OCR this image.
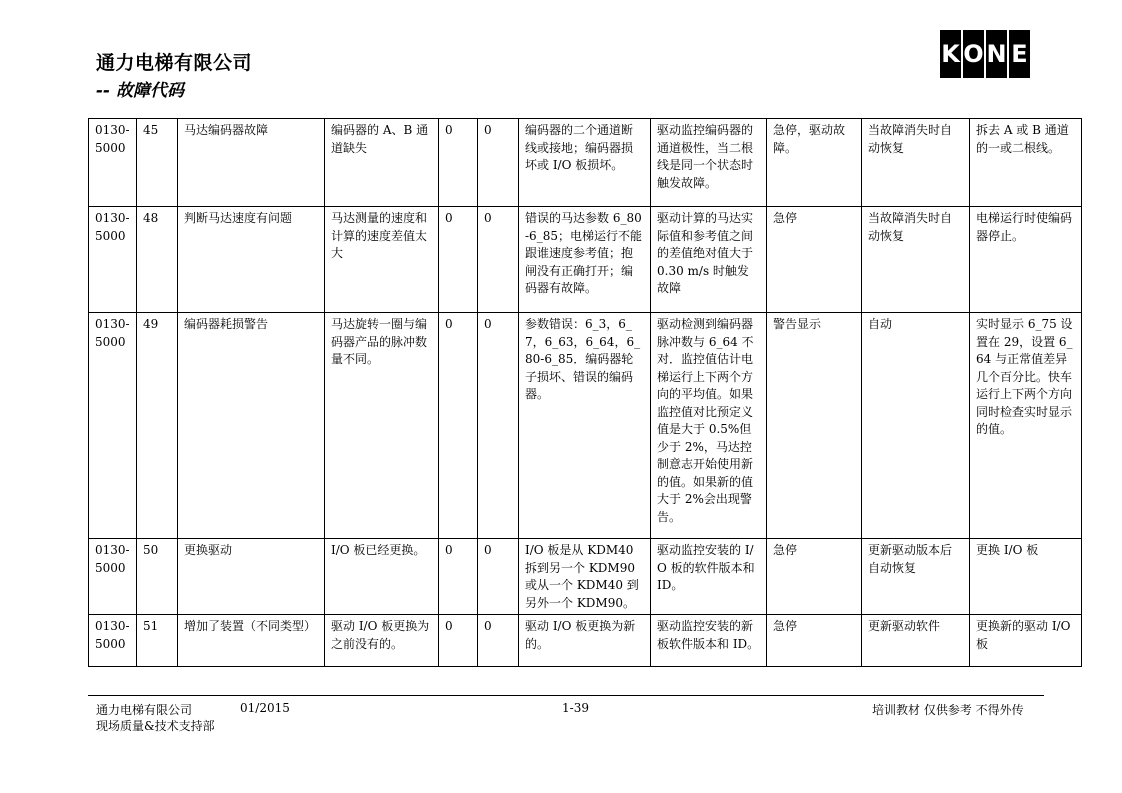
通力电梯有限公司
-- 故障代码
K O N E
0130-5000	45	马达编码器故障	编码器的 A、B 通道缺失	0	0	编码器的二个通道断线或接地；编码器损坏或 I/O 板损坏。	驱动监控编码器的通道极性，当二根线是同一个状态时触发故障。	急停，驱动故障。	当故障消失时自动恢复	拆去 A 或 B 通道的一或二根线。
0130-5000	48	判断马达速度有问题	马达测量的速度和计算的速度差值太大	0	0	错误的马达参数 6_80-6_85；电梯运行不能跟谁速度参考值；抱闸没有正确打开；编码器有故障。	驱动计算的马达实际值和参考值之间的差值绝对值大于 0.30 m/s 时触发故障	急停	当故障消失时自动恢复	电梯运行时使编码器停止。
0130-5000	49	编码器耗损警告	马达旋转一圈与编码器产品的脉冲数量不同。	0	0	参数错误：6_3，6_7，6_63，6_64，6_80-6_85．编码器轮子损坏、错误的编码器。	驱动检测到编码器脉冲数与 6_64 不对．监控值估计电梯运行上下两个方向的平均值。如果监控值对比预定义值是大于 0.5%但少于 2%，马达控制意志开始使用新的值。如果新的值大于 2%会出现警告。	警告显示	自动	实时显示 6_75 设置在 29，设置 6_64 与正常值差异几个百分比。快车运行上下两个方向同时检查实时显示的值。
0130-5000	50	更换驱动	I/O 板已经更换。	0	0	I/O 板是从 KDM40 拆到另一个 KDM90 或从一个 KDM40 到另外一个 KDM90。	驱动监控安装的 I/O 板的软件版本和 ID。	急停	更新驱动版本后自动恢复	更换 I/O 板
0130-5000	51	增加了装置（不同类型）	驱动 I/O 板更换为之前没有的。	0	0	驱动 I/O 板更换为新的。	驱动监控安装的新板软件版本和 ID。	急停	更新驱动软件	更换新的驱动 I/O 板
通力电梯有限公司	01/2015	1-39	培训教材 仅供参考 不得外传
现场质量&技术支持部
